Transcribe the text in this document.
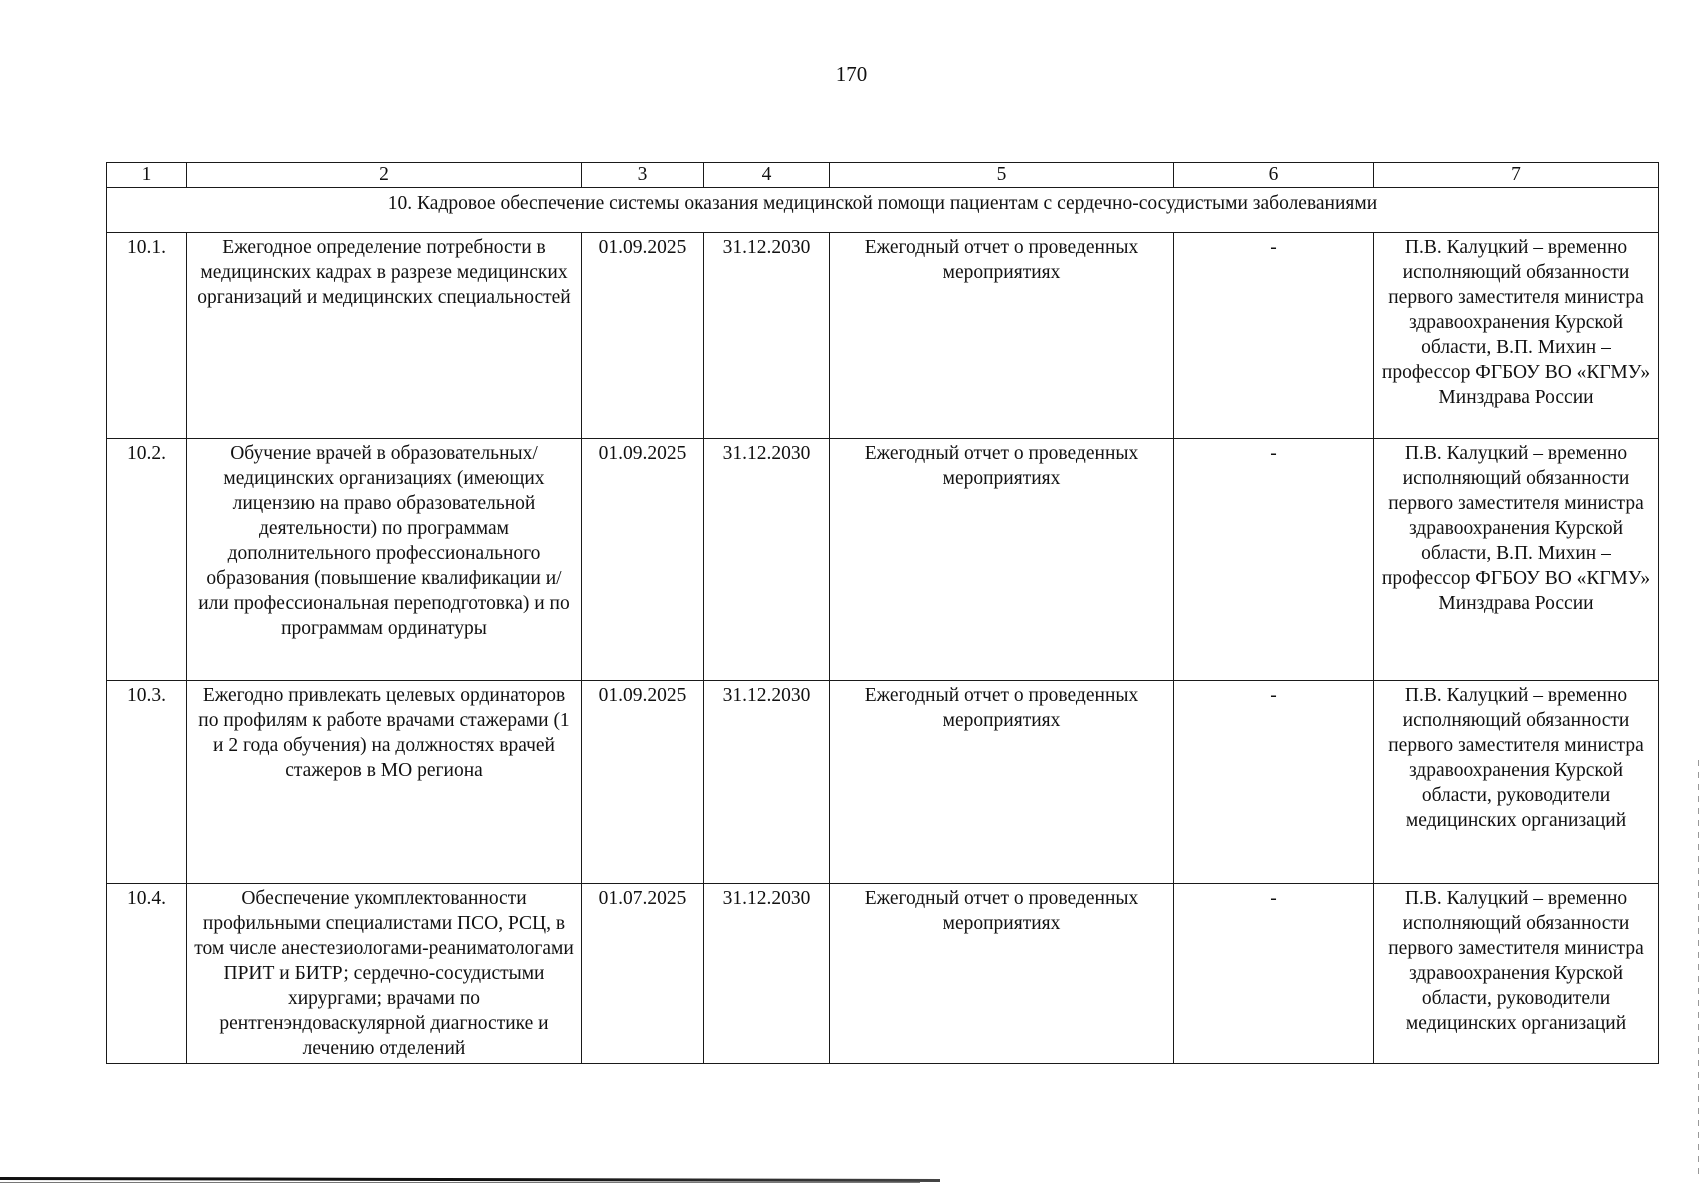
170
1	2	3	4	5	6	7
10. Кадровое обеспечение системы оказания медицинской помощи пациентам с сердечно-сосудистыми заболеваниями						
10.1.	Ежегодное определение потребности в медицинских кадрах в разрезе медицинских организаций и медицинских специальностей	01.09.2025	31.12.2030	Ежегодный отчет о проведенных мероприятиях	-	П.В. Калуцкий – временно исполняющий обязанности первого заместителя министра здравоохранения Курской области, В.П. Михин – профессор ФГБОУ ВО «КГМУ» Минздрава России
10.2.	Обучение врачей в образовательных/медицинских организациях (имеющих лицензию на право образовательной деятельности) по программам дополнительного профессионального образования (повышение квалификации и/или профессиональная переподготовка) и по программам ординатуры	01.09.2025	31.12.2030	Ежегодный отчет о проведенных мероприятиях	-	П.В. Калуцкий – временно исполняющий обязанности первого заместителя министра здравоохранения Курской области, В.П. Михин – профессор ФГБОУ ВО «КГМУ» Минздрава России
10.3.	Ежегодно привлекать целевых ординаторов по профилям к работе врачами стажерами (1 и 2 года обучения) на должностях врачей стажеров в МО региона	01.09.2025	31.12.2030	Ежегодный отчет о проведенных мероприятиях	-	П.В. Калуцкий – временно исполняющий обязанности первого заместителя министра здравоохранения Курской области, руководители медицинских организаций
10.4.	Обеспечение укомплектованности профильными специалистами ПСО, РСЦ, в том числе анестезиологами-реаниматологами ПРИТ и БИТР; сердечно-сосудистыми хирургами; врачами по рентгенэндоваскулярной диагностике и лечению отделений	01.07.2025	31.12.2030	Ежегодный отчет о проведенных мероприятиях	-	П.В. Калуцкий – временно исполняющий обязанности первого заместителя министра здравоохранения Курской области, руководители медицинских организаций
